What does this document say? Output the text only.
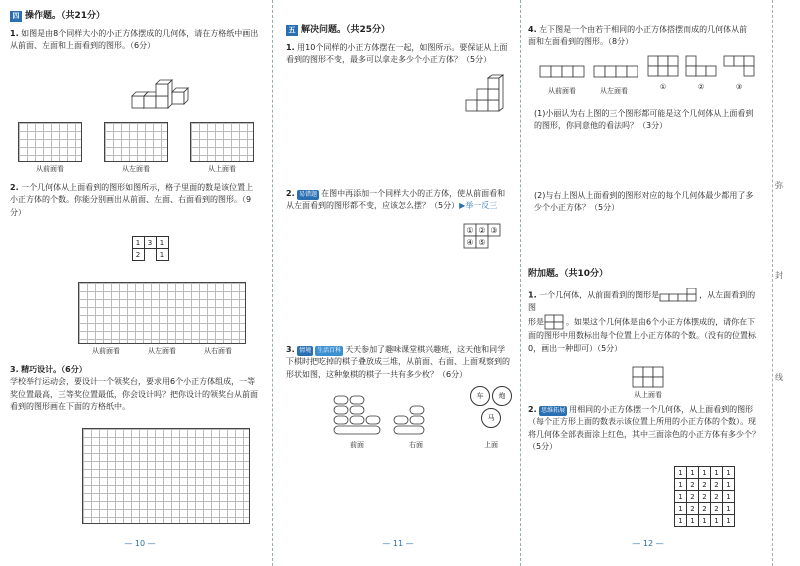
四 操作题。（共21分）
1. 如图是由8个同样大小的小正方体摆成的几何体，请在方格纸中画出从前面、左面和上面看到的图形。（6分）
从前面看	从左面看	从上面看
2. 一个几何体从上面看到的图形如图所示，格子里面的数是该位置上小正方体的个数。你能分别画出从前面、左面、右面看到的图形。（9分）
	1	3	1
	2		1
从前面看	从左面看	从右面看
3. 精巧设计。（6分）
学校举行运动会，要设计一个领奖台，要求用6个小正方体组成，一等奖位置最高，三等奖位置最低，你会设计吗？把你设计的领奖台从前面看到的图形画在下面的方格纸中。
— 10 —
五 解决问题。（共25分）
1. 用10个同样的小正方体摆在一起，如图所示。要保证从上面看到的图形不变，最多可以拿走多少个小正方体？（5分）
2. 易错题 在图中再添加一个同样大小的正方体，使从前面看和从左面看到的图形都不变，应该怎么摆？（5分）▶举一反三
① ② ③
④ ⑤
3. 情境 生活百科 天天参加了趣味课堂棋兴趣班，这天他和同学下棋时把吃掉的棋子叠放成三堆，从前面、右面、上面观察到的形状如图，这种象棋的棋子一共有多少枚？（6分）
车	炮
马
前面	右面	上面
— 11 —
4. 左下图是一个由若干相同的小正方体搭摆而成的几何体从前面和左面看到的图形。（8分）
从前面看	从左面看	①	②	③
(1)小丽认为右上图的三个图形都可能是这个几何体从上面看到的图形，你同意他的看法吗？（3分）
(2)与右上图从上面看到的图形对应的每个几何体最少都用了多少个小正方体？（5分）
附加题。（共10分）
1. 一个几何体，从前面看到的图形是	，从左面看到的图
形是	。如果这个几何体是由6个小正方体摆成的，请你在下面的图形中用数标出每个位置上小正方体的个数。（没有的位置标0，画出一种即可）（5分）
从上面看
2. 思维拓展 用相同的小正方体摆一个几何体，从上面看到的图形（每个正方形上面的数表示该位置上所用的小正方体的个数）。现将几何体全部表面涂上红色，其中三面涂色的小正方体有多少个？（5分）
1	1	1	1	1
1	2	2	2	1
1	2	2	2	1
1	2	2	2	1
1	1	1	1	1
— 12 —
弥
封
线
